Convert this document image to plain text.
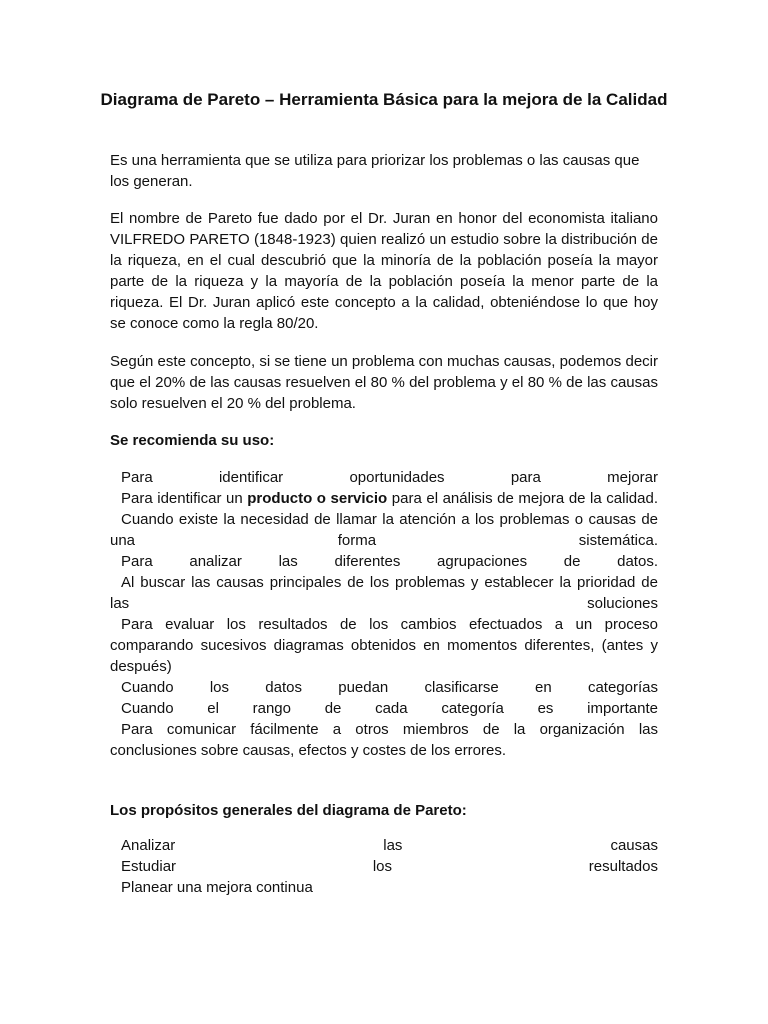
Diagrama de Pareto – Herramienta Básica para la mejora de la Calidad

Es una herramienta que se utiliza para priorizar los problemas o las causas que los generan.

El nombre de Pareto fue dado por el Dr. Juran en honor del economista italiano VILFREDO PARETO (1848-1923) quien realizó un estudio sobre la distribución de la riqueza, en el cual descubrió que la minoría de la población poseía la mayor parte de la riqueza y la mayoría de la población poseía la menor parte de la riqueza. El Dr. Juran aplicó este concepto a la calidad, obteniéndose lo que hoy se conoce como la regla 80/20.

Según este concepto, si se tiene un problema con muchas causas, podemos decir que el 20% de las causas resuelven el 80 % del problema y el 80 % de las causas solo resuelven el 20 % del problema.

Se recomienda su uso:

Para identificar oportunidades para mejorar
Para identificar un producto o servicio para el análisis de mejora de la calidad.
Cuando existe la necesidad de llamar la atención a los problemas o causas de una forma sistemática.
Para analizar las diferentes agrupaciones de datos.
Al buscar las causas principales de los problemas y establecer la prioridad de las soluciones
Para evaluar los resultados de los cambios efectuados a un proceso comparando sucesivos diagramas obtenidos en momentos diferentes, (antes y después)
Cuando los datos puedan clasificarse en categorías
Cuando el rango de cada categoría es importante
Para comunicar fácilmente a otros miembros de la organización las conclusiones sobre causas, efectos y costes de los errores.

Los propósitos generales del diagrama de Pareto:

Analizar las causas
Estudiar los resultados
Planear una mejora continua
